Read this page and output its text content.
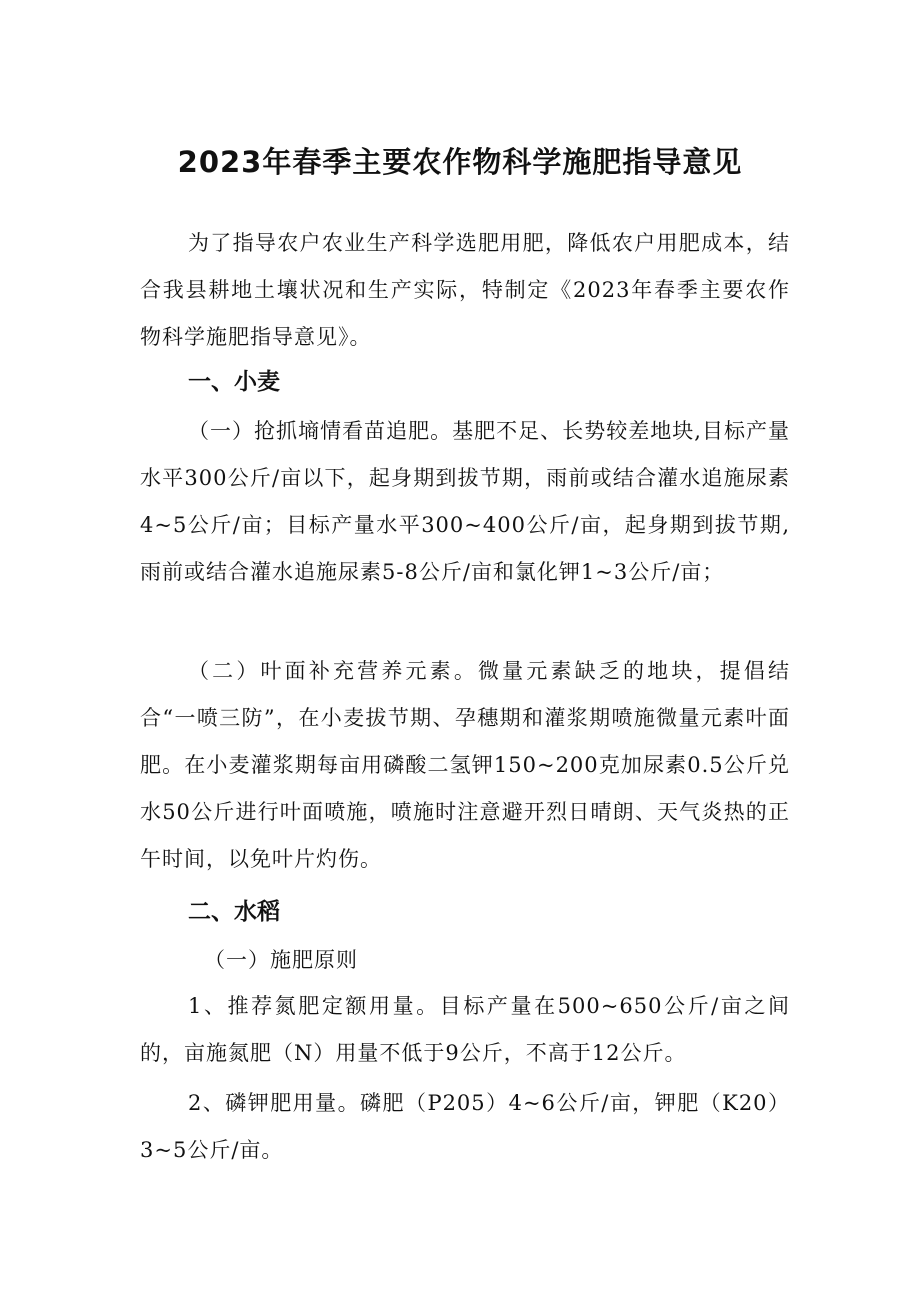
2023年春季主要农作物科学施肥指导意见

为了指导农户农业生产科学选肥用肥，降低农户用肥成本，结合我县耕地土壤状况和生产实际，特制定《2023年春季主要农作物科学施肥指导意见》。

一、小麦

（一）抢抓墒情看苗追肥。基肥不足、长势较差地块,目标产量水平300公斤/亩以下，起身期到拔节期，雨前或结合灌水追施尿素4~5公斤/亩；目标产量水平300~400公斤/亩，起身期到拔节期,雨前或结合灌水追施尿素5-8公斤/亩和氯化钾1~3公斤/亩；

（二）叶面补充营养元素。微量元素缺乏的地块，提倡结合“一喷三防”，在小麦拔节期、孕穗期和灌浆期喷施微量元素叶面肥。在小麦灌浆期每亩用磷酸二氢钾150~200克加尿素0.5公斤兑水50公斤进行叶面喷施，喷施时注意避开烈日晴朗、天气炎热的正午时间，以免叶片灼伤。

二、水稻
（一）施肥原则

1、推荐氮肥定额用量。目标产量在500~650公斤/亩之间的，亩施氮肥（N）用量不低于9公斤，不高于12公斤。

2、磷钾肥用量。磷肥（P205）4~6公斤/亩，钾肥（K20）3~5公斤/亩。
